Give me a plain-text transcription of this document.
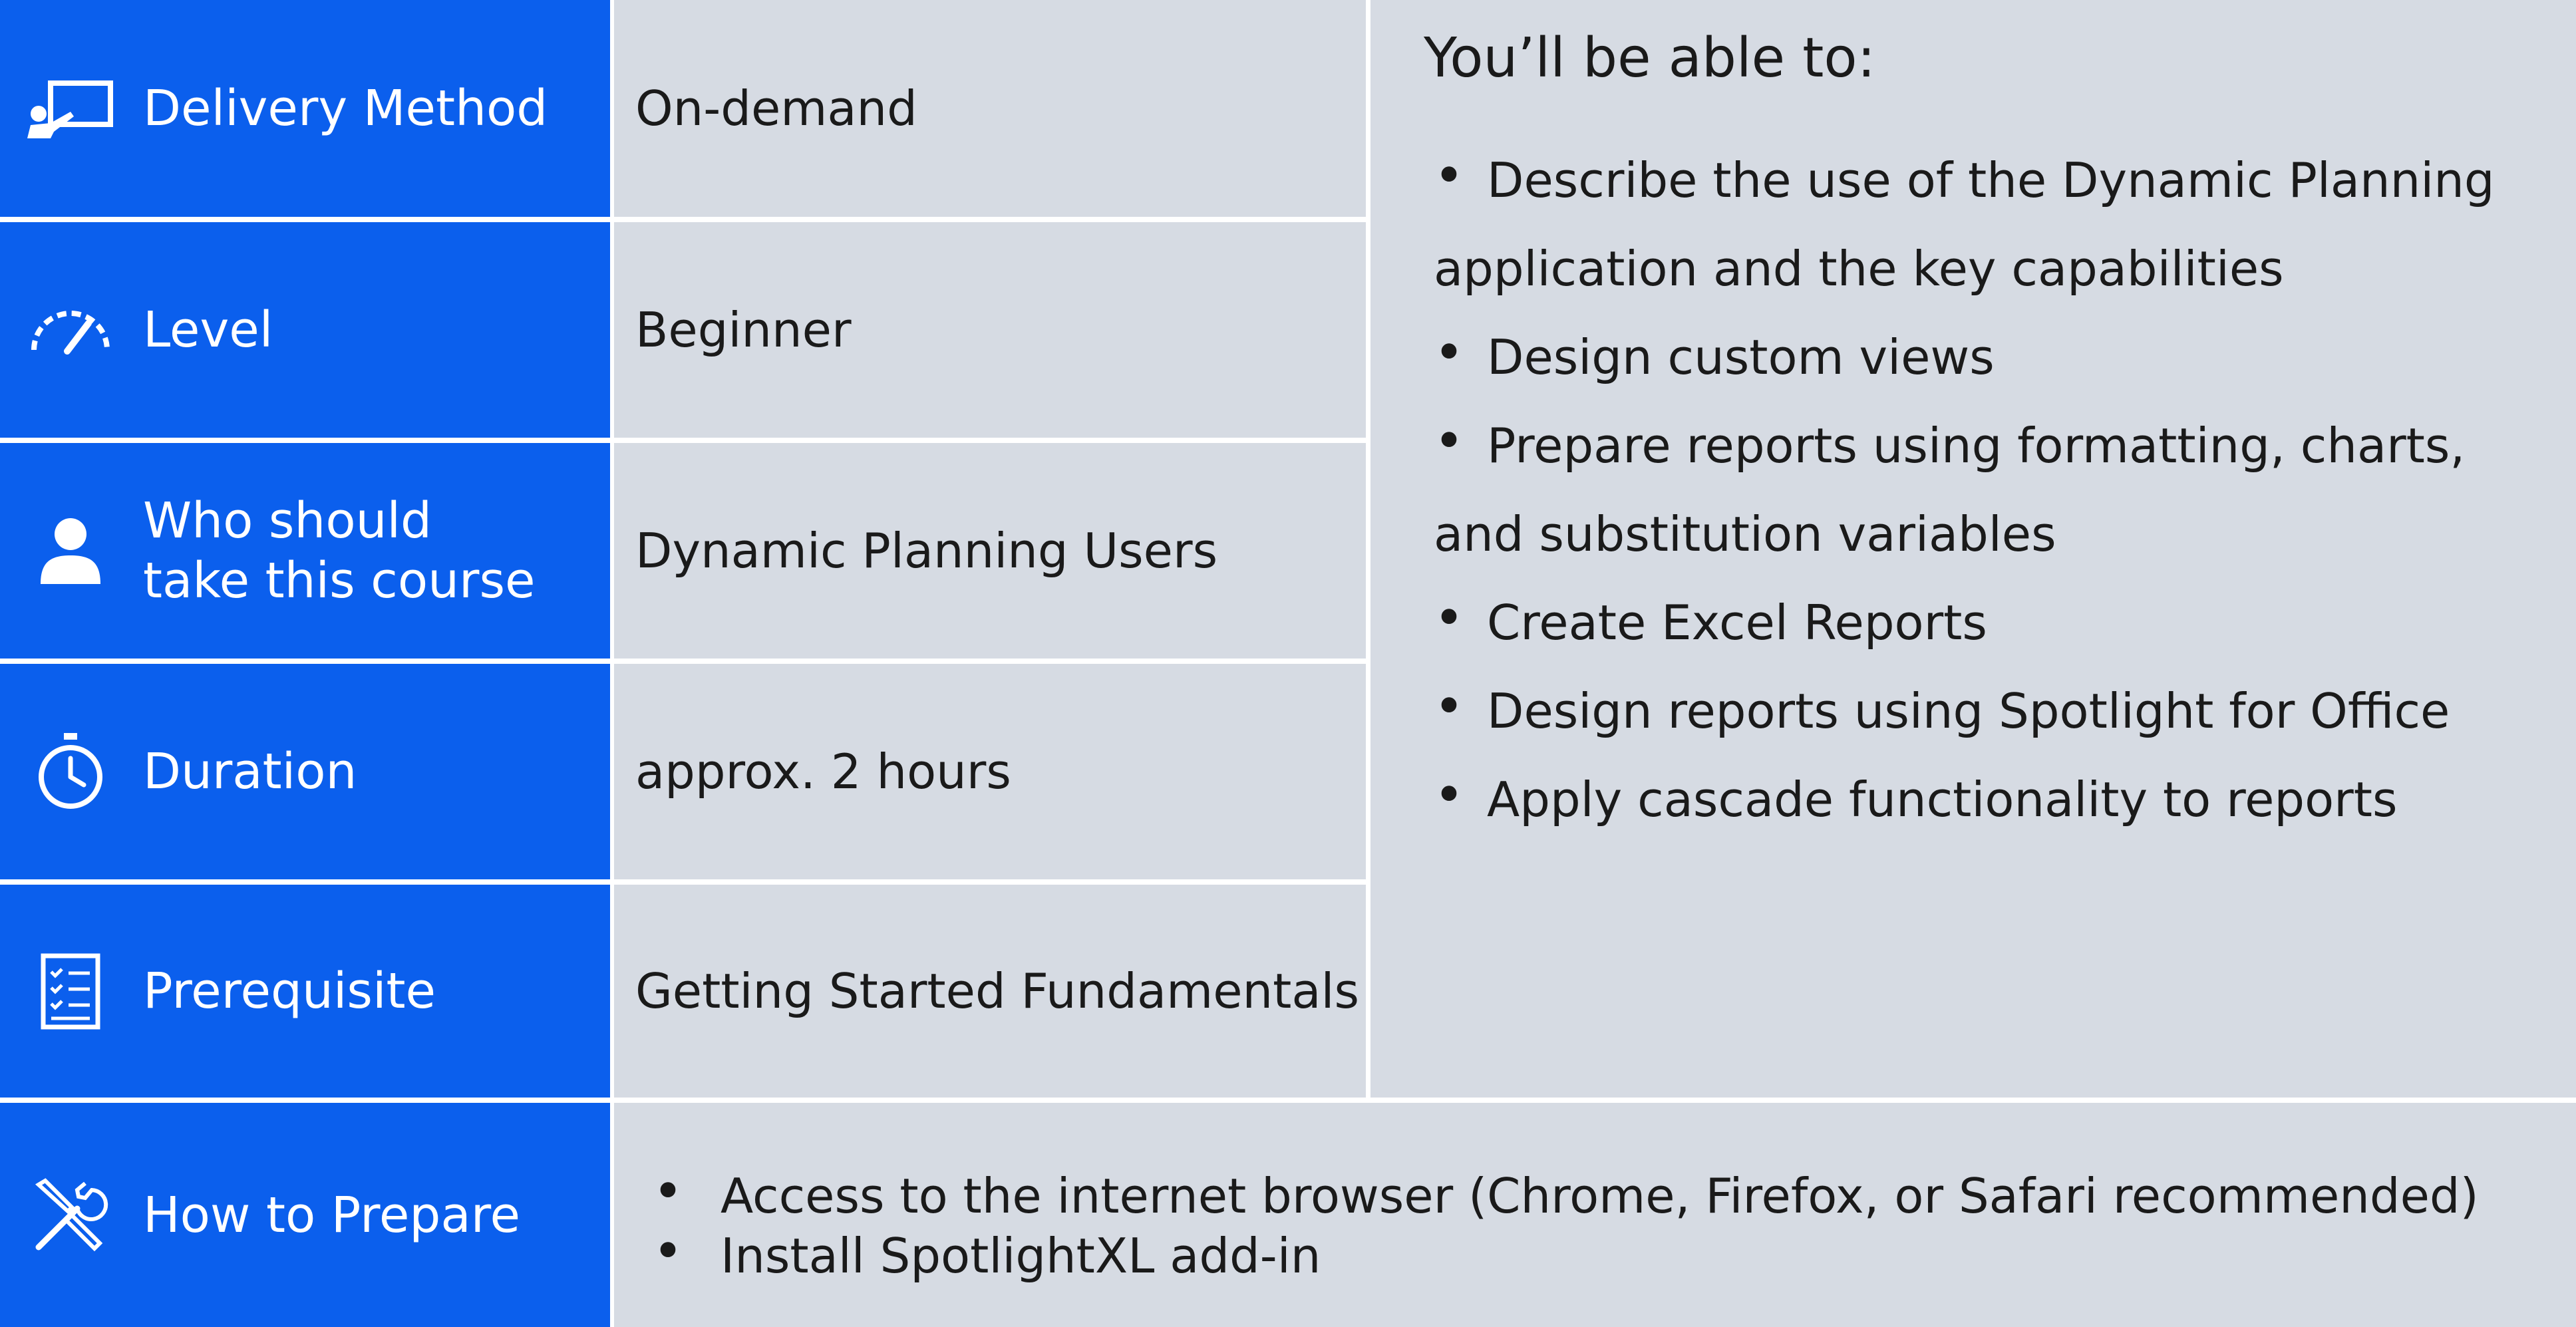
Delivery Method	On-demand
Level	Beginner
Who should
take this course
Dynamic Planning Users
Duration	approx. 2 hours
Prerequisite	Getting Started Fundamentals
You’ll be able to:
• Describe the use of the Dynamic Planning application and the key capabilities
• Design custom views
• Prepare reports using formatting, charts, and substitution variables
• Create Excel Reports
• Design reports using Spotlight for Office
• Apply cascade functionality to reports
How to Prepare
•	Access to the internet browser (Chrome, Firefox, or Safari recommended)
• Install SpotlightXL add-in
